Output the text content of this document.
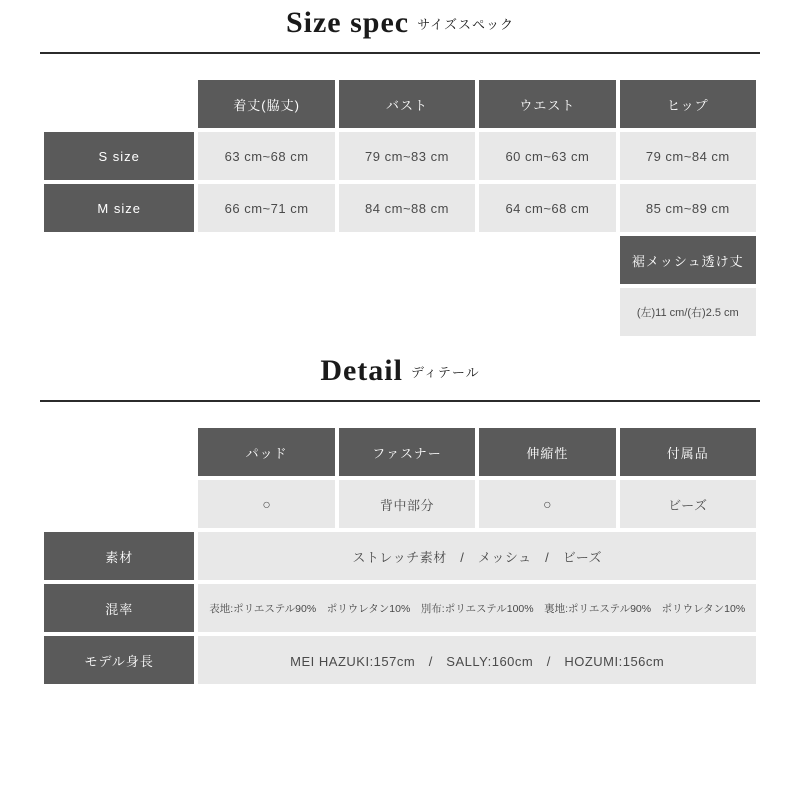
Size spec サイズスペック
	着丈(脇丈)	バスト	ウエスト	ヒップ
S size	63 cm~68 cm	79 cm~83 cm	60 cm~63 cm	79 cm~84 cm
M size	66 cm~71 cm	84 cm~88 cm	64 cm~68 cm	85 cm~89 cm
				裾メッシュ透け丈
				(左)11 cm/(右)2.5 cm
Detail ディテール
	パッド	ファスナー	伸縮性	付属品
	○	背中部分	○	ビーズ
素材	ストレッチ素材　/　メッシュ　/　ビーズ			
混率	表地:ポリエステル90%　ポリウレタン10%　別布:ポリエステル100%　裏地:ポリエステル90%　ポリウレタン10%			
モデル身長	MEI HAZUKI:157cm　/　SALLY:160cm　/　HOZUMI:156cm			
